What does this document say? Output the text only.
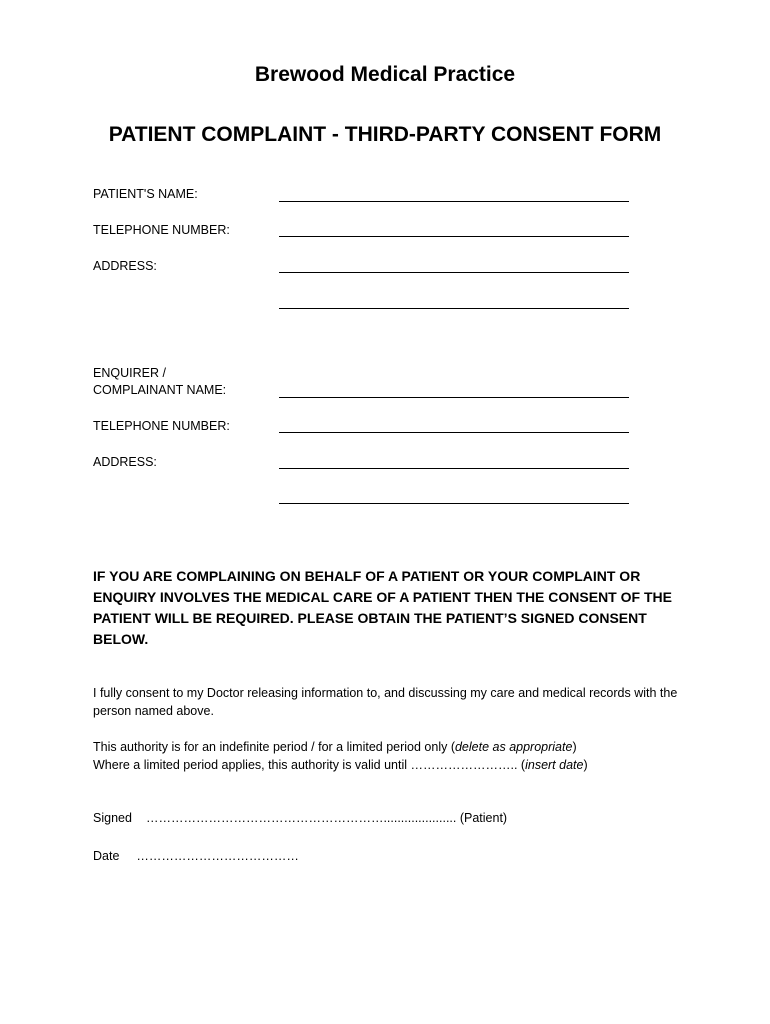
Brewood Medical Practice
PATIENT COMPLAINT - THIRD-PARTY CONSENT FORM
PATIENT'S NAME:
TELEPHONE NUMBER:
ADDRESS:
ENQUIRER /
COMPLAINANT NAME:
TELEPHONE NUMBER:
ADDRESS:
IF YOU ARE COMPLAINING ON BEHALF OF A PATIENT OR YOUR COMPLAINT OR ENQUIRY INVOLVES THE MEDICAL CARE OF A PATIENT THEN THE CONSENT OF THE PATIENT WILL BE REQUIRED. PLEASE OBTAIN THE PATIENT’S SIGNED CONSENT BELOW.
I fully consent to my Doctor releasing information to, and discussing my care and medical records with the person named above.
This authority is for an indefinite period / for a limited period only (delete as appropriate)
Where a limited period applies, this authority is valid until …………………….. (insert date)
Signed …………………………………………………..................... (Patient)
Date …………………………………
